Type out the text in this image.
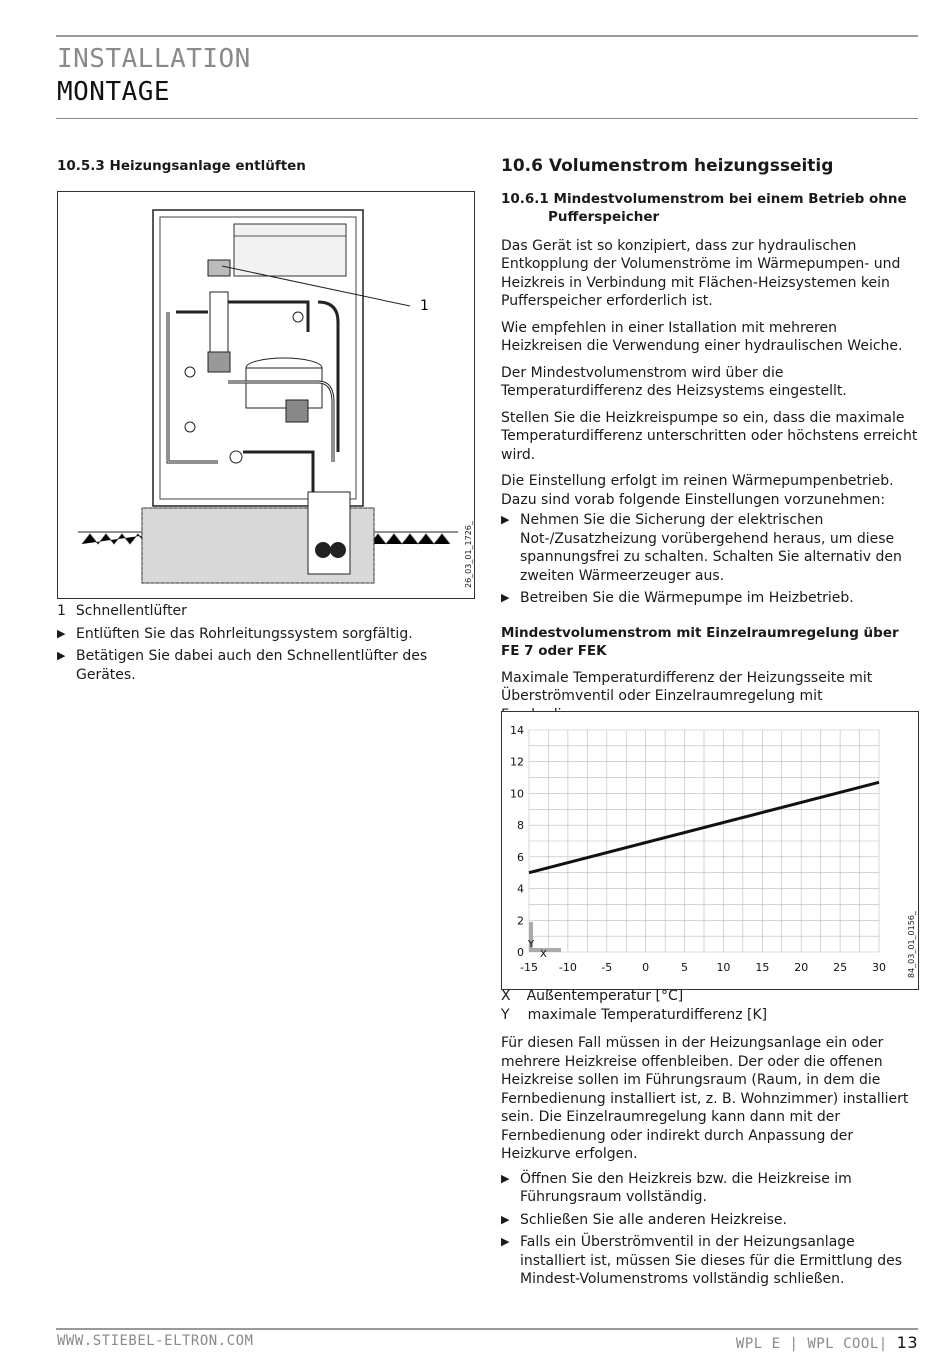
INSTALLATION
MONTAGE
10.5.3 Heizungsanlage entlüften
1
26_03_01_1726_
1 Schnellentlüfter
▶ Entlüften Sie das Rohrleitungssystem sorgfältig.
▶ Betätigen Sie dabei auch den Schnellentlüfter des Gerätes.
10.6 Volumenstrom heizungsseitig
10.6.1 Mindestvolumenstrom bei einem Betrieb ohne Pufferspeicher

Das Gerät ist so konzipiert, dass zur hydraulischen Entkopplung der Volumenströme im Wärmepumpen- und Heizkreis in Verbindung mit Flächen-Heizsystemen kein Pufferspeicher erforderlich ist.

Wie empfehlen in einer Istallation mit mehreren Heizkreisen die Verwendung einer hydraulischen Weiche.

Der Mindestvolumenstrom wird über die Temperaturdifferenz des Heizsystems eingestellt.

Stellen Sie die Heizkreispumpe so ein, dass die maximale Temperaturdifferenz unterschritten oder höchstens erreicht wird.

Die Einstellung erfolgt im reinen Wärmepumpenbetrieb. Dazu sind vorab folgende Einstellungen vorzunehmen:

▶ Nehmen Sie die Sicherung der elektrischen Not-/Zusatzheizung vorübergehend heraus, um diese spannungsfrei zu schalten. Schalten Sie alternativ den zweiten Wärmeerzeuger aus.
▶ Betreiben Sie die Wärmepumpe im Heizbetrieb.
Mindestvolumenstrom mit Einzelraumregelung über FE 7 oder FEK

Maximale Temperaturdifferenz der Heizungsseite mit Überströmventil oder Einzelraumregelung mit

-15 -10 -5	0	5	10 15 20 25 30
0
2
4
6
8
10
12
14
Y
X	84_03_01_0156_
X Außentemperatur [°C]
Y maximale Temperaturdifferenz [K]

Für diesen Fall müssen in der Heizungsanlage ein oder mehrere Heizkreise offenbleiben. Der oder die offenen Heizkreise sollen im Führungsraum (Raum, in dem die Fernbedienung installiert ist, z. B. Wohnzimmer) installiert sein. Die Einzelraumregelung kann dann mit der Fernbedienung oder indirekt durch Anpassung der Heizkurve erfolgen.

▶ Öffnen Sie den Heizkreis bzw. die Heizkreise im Führungsraum vollständig.
▶ Schließen Sie alle anderen Heizkreise.
▶ Falls ein Überströmventil in der Heizungsanlage installiert ist, müssen Sie dieses für die Ermittlung des Mindest-Volumenstroms vollständig schließen.
WWW.STIEBEL-ELTRON.COM	WPL E | WPL COOL| 13
